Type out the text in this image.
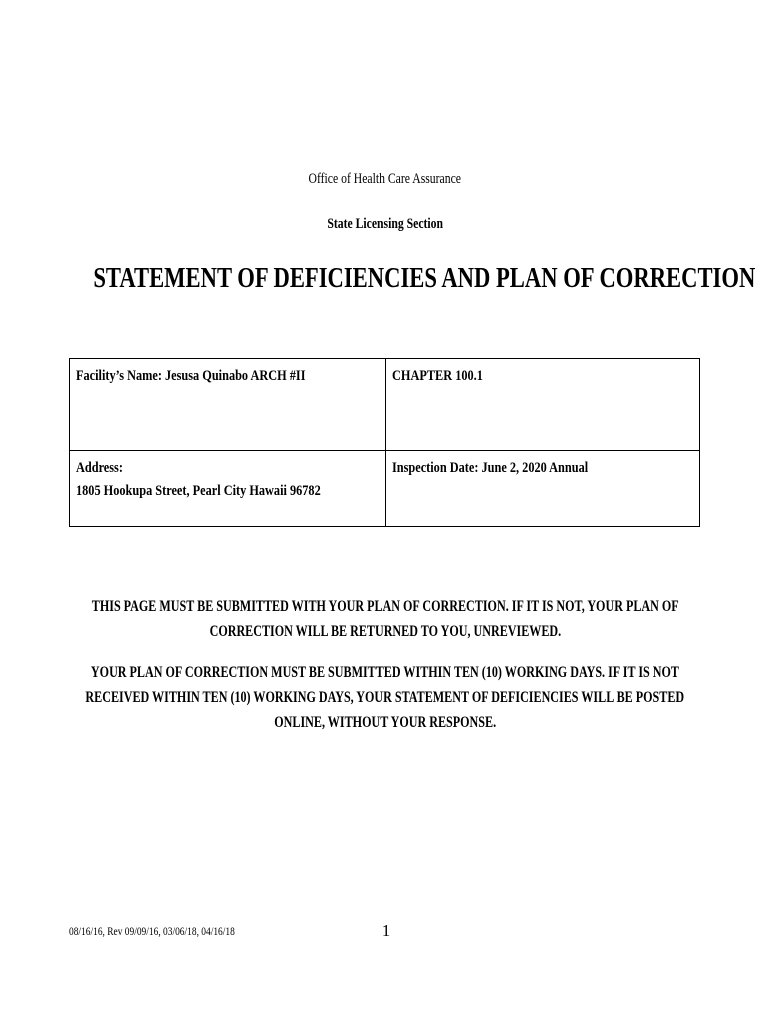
Office of Health Care Assurance
State Licensing Section
STATEMENT OF DEFICIENCIES AND PLAN OF CORRECTION
Facility’s Name: Jesusa Quinabo ARCH #II	CHAPTER 100.1
Address:
1805 Hookupa Street, Pearl City Hawaii 96782	Inspection Date: June 2, 2020 Annual
THIS PAGE MUST BE SUBMITTED WITH YOUR PLAN OF CORRECTION. IF IT IS NOT, YOUR PLAN OF
CORRECTION WILL BE RETURNED TO YOU, UNREVIEWED.
YOUR PLAN OF CORRECTION MUST BE SUBMITTED WITHIN TEN (10) WORKING DAYS. IF IT IS NOT
RECEIVED WITHIN TEN (10) WORKING DAYS, YOUR STATEMENT OF DEFICIENCIES WILL BE POSTED
ONLINE, WITHOUT YOUR RESPONSE.
08/16/16, Rev 09/09/16, 03/06/18, 04/16/18	1
